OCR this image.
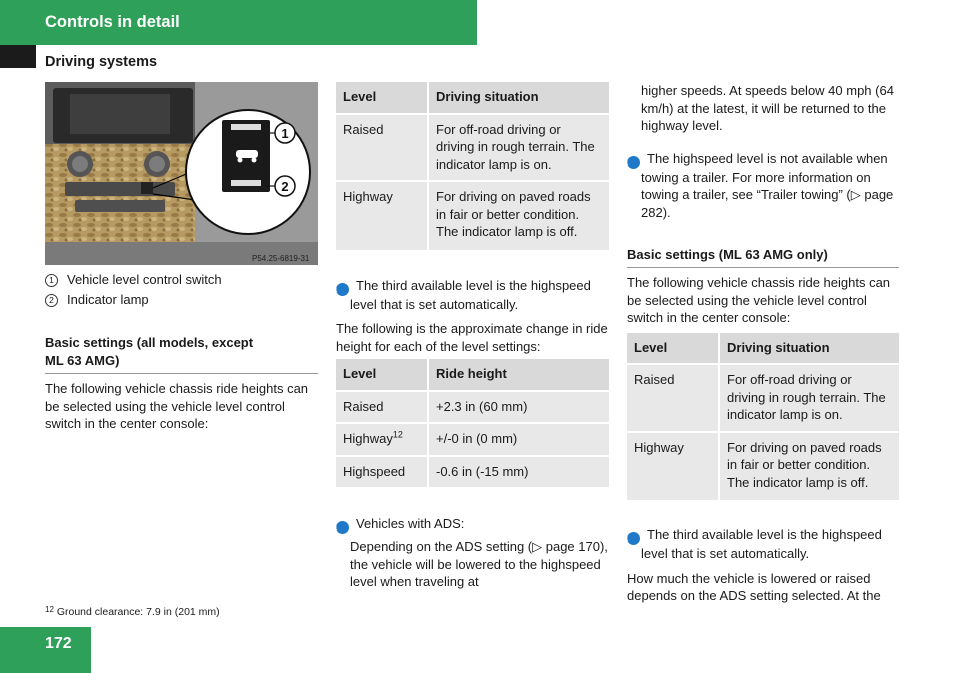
Controls in detail
Driving systems
1
2
P54.25-6819-31
1	Vehicle level control switch
2	Indicator lamp
Basic settings (all models, except
ML 63 AMG)

The following vehicle chassis ride heights can be selected using the vehicle level control switch in the center console:

Level	Driving situation
Raised	For off-road driving or driving in rough terrain. The indicator lamp is on.
Highway	For driving on paved roads in fair or better condition. The indicator lamp is off.

i The third available level is the highspeed level that is set automatically.

The following is the approximate change in ride height for each of the level settings:

Level	Ride height
Raised	+2.3 in (60 mm)
Highway$^{12}$	+/-0 in (0 mm)
Highspeed	-0.6 in (-15 mm)

i Vehicles with ADS:

Depending on the ADS setting (▷ page 170), the vehicle will be lowered to the highspeed level when traveling at

higher speeds. At speeds below 40 mph (64 km/h) at the latest, it will be returned to the highway level.

i The highspeed level is not available when towing a trailer. For more information on towing a trailer, see “Trailer towing” (▷ page 282).

Basic settings (ML 63 AMG only)

The following vehicle chassis ride heights can be selected using the vehicle level control switch in the center console:

Level	Driving situation
Raised	For off-road driving or driving in rough terrain. The indicator lamp is on.
Highway	For driving on paved roads in fair or better condition. The indicator lamp is off.

i The third available level is the highspeed level that is set automatically.

How much the vehicle is lowered or raised depends on the ADS setting selected. At the

$^{12}$ Ground clearance: 7.9 in (201 mm)
172
